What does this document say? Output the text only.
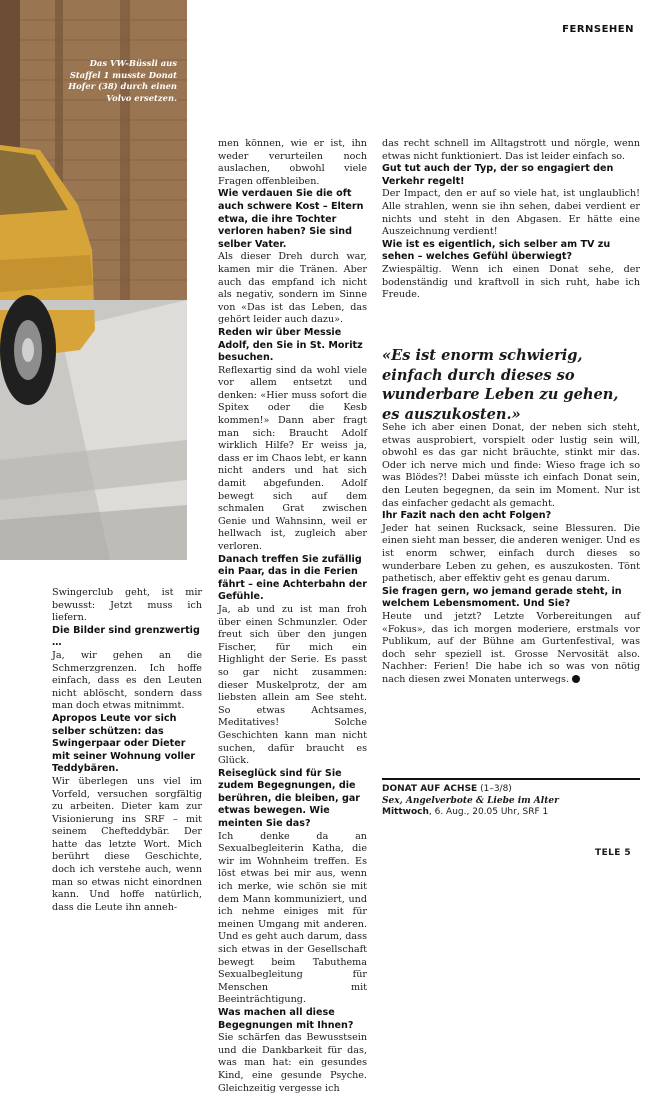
Das VW-Büssli aus Staffel 1 musste Donat Hofer (38) durch einen Volvo ersetzen.
FERNSEHEN

Swingerclub geht, ist mir bewusst: Jetzt muss ich liefern.

Die Bilder sind grenzwertig …

Ja, wir gehen an die Schmerzgrenzen. Ich hoffe einfach, dass es den Leuten nicht ablöscht, sondern dass man doch etwas mitnimmt.

Apropos Leute vor sich selber schützen: das Swingerpaar oder Dieter mit seiner Wohnung voller Teddybären.

Wir überlegen uns viel im Vorfeld, versuchen sorgfältig zu arbeiten. Dieter kam zur Visionierung ins SRF – mit seinem Chefteddybär. Der hatte das letzte Wort. Mich berührt diese Geschichte, doch ich verstehe auch, wenn man so etwas nicht einordnen kann. Und hoffe natürlich, dass die Leute ihn anneh-

men können, wie er ist, ihn weder verurteilen noch auslachen, obwohl viele Fragen offenbleiben.

Wie verdauen Sie die oft auch schwere Kost – Eltern etwa, die ihre Tochter verloren haben? Sie sind selber Vater.

Als dieser Dreh durch war, kamen mir die Tränen. Aber auch das empfand ich nicht als negativ, sondern im Sinne von «Das ist das Leben, das gehört leider auch dazu».

Reden wir über Messie Adolf, den Sie in St. Moritz besuchen.

Reflexartig sind da wohl viele vor allem entsetzt und denken: «Hier muss sofort die Spitex oder die Kesb kommen!» Dann aber fragt man sich: Braucht Adolf wirklich Hilfe? Er weiss ja, dass er im Chaos lebt, er kann nicht anders und hat sich damit abgefunden. Adolf bewegt sich auf dem schmalen Grat zwischen Genie und Wahnsinn, weil er hellwach ist, zugleich aber verloren.

Danach treffen Sie zufällig ein Paar, das in die Ferien fährt – eine Achterbahn der Gefühle.

Ja, ab und zu ist man froh über einen Schmunzler. Oder freut sich über den jungen Fischer, für mich ein Highlight der Serie. Es passt so gar nicht zusammen: dieser Muskelprotz, der am liebsten allein am See steht. So etwas Achtsames, Meditatives! Solche Geschichten kann man nicht suchen, dafür braucht es Glück.

Reiseglück sind für Sie zudem Begegnungen, die berühren, die bleiben, gar etwas bewegen. Wie meinten Sie das?

Ich denke da an Sexualbegleiterin Katha, die wir im Wohnheim treffen. Es löst etwas bei mir aus, wenn ich merke, wie schön sie mit dem Mann kommuniziert, und ich nehme einiges mit für meinen Umgang mit anderen. Und es geht auch darum, dass sich etwas in der Gesellschaft bewegt beim Tabuthema Sexualbegleitung für Menschen mit Beeinträchtigung.

Was machen all diese Begegnungen mit Ihnen?

Sie schärfen das Bewusstsein und die Dankbarkeit für das, was man hat: ein gesundes Kind, eine gesunde Psyche. Gleichzeitig vergesse ich

das recht schnell im Alltagstrott und nörgle, wenn etwas nicht funktioniert. Das ist leider einfach so.

Gut tut auch der Typ, der so engagiert den Verkehr regelt!

Der Impact, den er auf so viele hat, ist unglaublich! Alle strahlen, wenn sie ihn sehen, dabei verdient er nichts und steht in den Abgasen. Er hätte eine Auszeichnung verdient!

Wie ist es eigentlich, sich selber am TV zu sehen – welches Gefühl überwiegt?

Zwiespältig. Wenn ich einen Donat sehe, der bodenständig und kraftvoll in sich ruht, habe ich Freude.

«Es ist enorm schwierig, einfach durch dieses so wunderbare Leben zu gehen, es auszukosten.»

Sehe ich aber einen Donat, der neben sich steht, etwas ausprobiert, vorspielt oder lustig sein will, obwohl es das gar nicht bräuchte, stinkt mir das. Oder ich nerve mich und finde: Wieso frage ich so was Blödes?! Dabei müsste ich einfach Donat sein, den Leuten begegnen, da sein im Moment. Nur ist das einfacher gedacht als gemacht.

Ihr Fazit nach den acht Folgen?

Jeder hat seinen Rucksack, seine Blessuren. Die einen sieht man besser, die anderen weniger. Und es ist enorm schwer, einfach durch dieses so wunderbare Leben zu gehen, es auszukosten. Tönt pathetisch, aber effektiv geht es genau darum.

Sie fragen gern, wo jemand gerade steht, in welchem Lebensmoment. Und Sie?

Heute und jetzt? Letzte Vorbereitungen auf «Fokus», das ich morgen moderiere, erstmals vor Publikum, auf der Bühne am Gurtenfestival, was doch sehr speziell ist. Grosse Nervosität also. Nachher: Ferien! Die habe ich so was von nötig nach diesen zwei Monaten unterwegs.

DONAT AUF ACHSE (1–3/8)
Sex, Angelverbote & Liebe im Alter
Mittwoch, 6. Aug., 20.05 Uhr, SRF 1
TELE 5
